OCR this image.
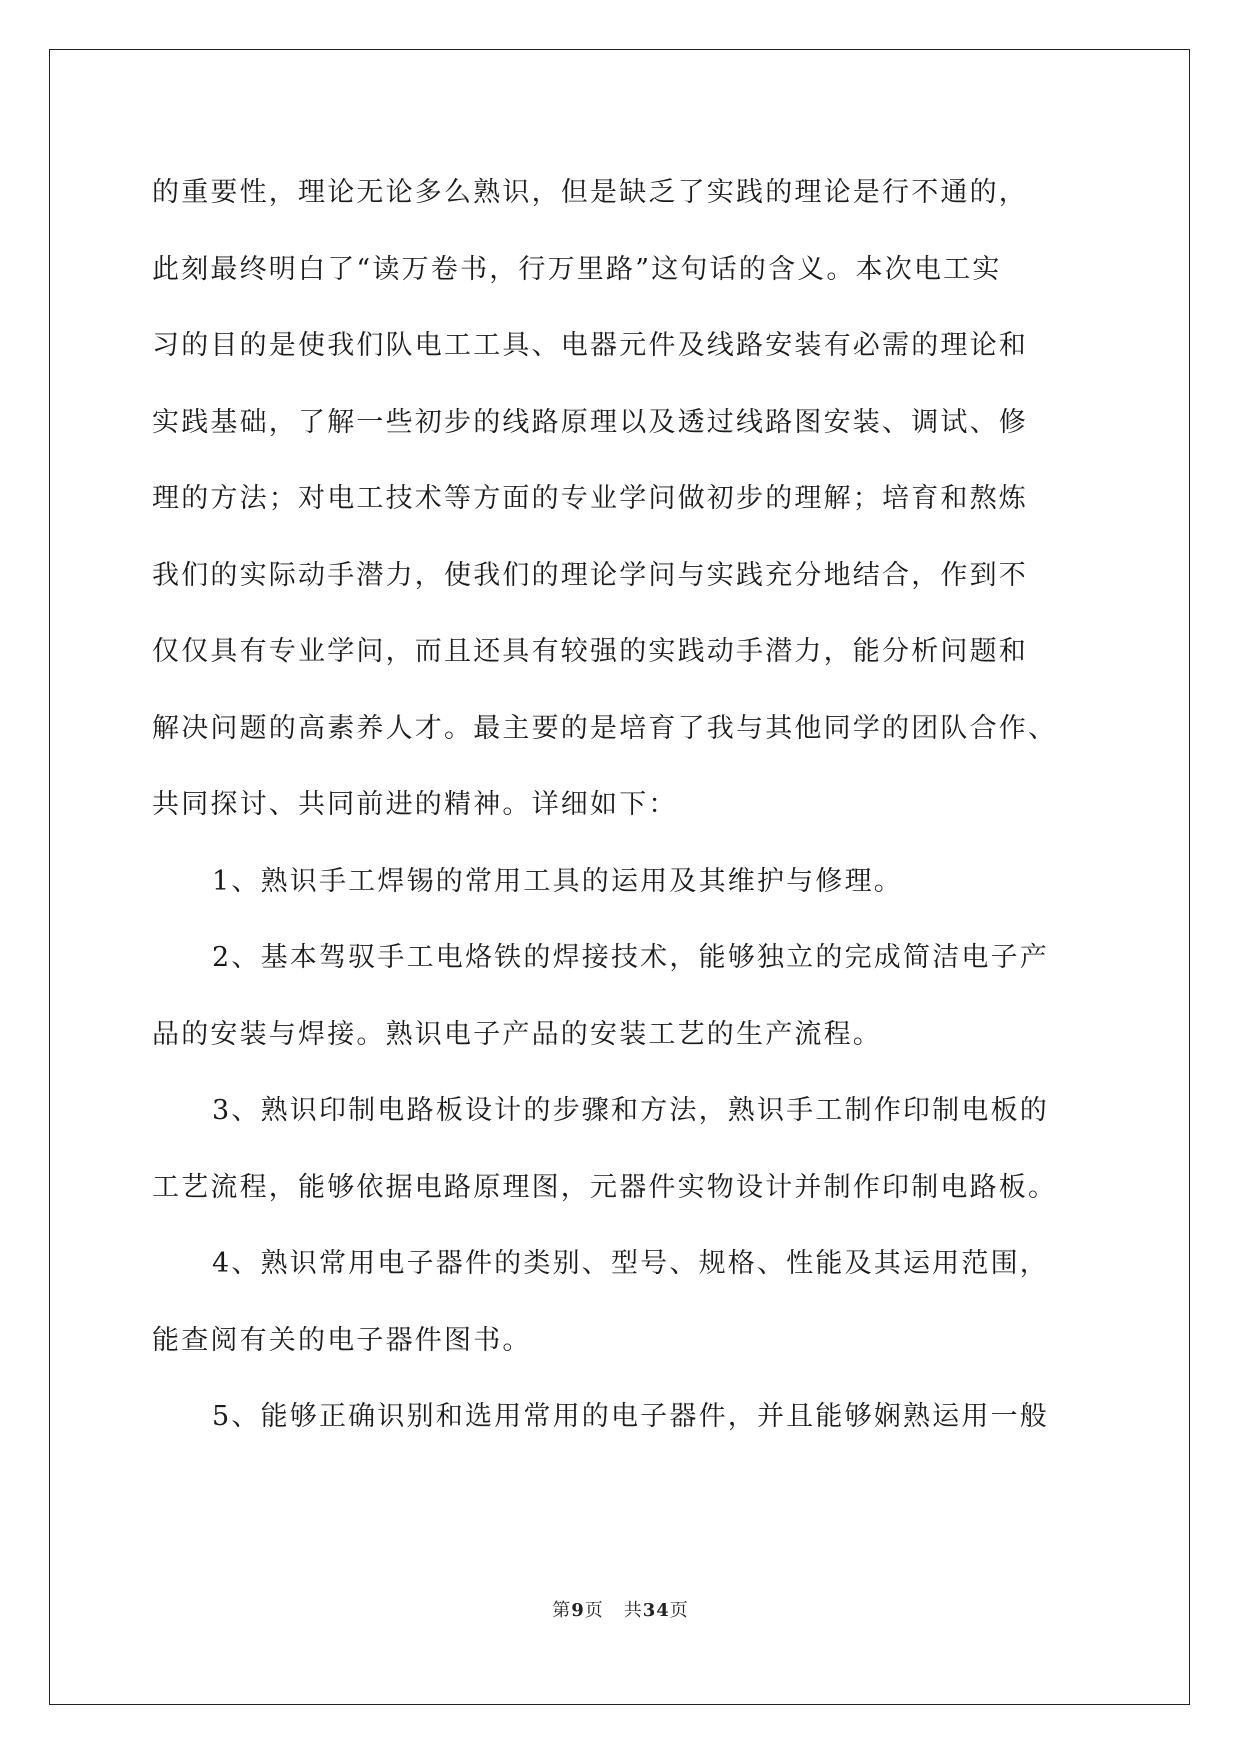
的重要性，理论无论多么熟识，但是缺乏了实践的理论是行不通的，
此刻最终明白了“读万卷书，行万里路”这句话的含义。本次电工实
习的目的是使我们队电工工具、电器元件及线路安装有必需的理论和
实践基础，了解一些初步的线路原理以及透过线路图安装、调试、修
理的方法；对电工技术等方面的专业学问做初步的理解；培育和熬炼
我们的实际动手潜力，使我们的理论学问与实践充分地结合，作到不
仅仅具有专业学问，而且还具有较强的实践动手潜力，能分析问题和
解决问题的高素养人才。最主要的是培育了我与其他同学的团队合作、
共同探讨、共同前进的精神。详细如下：
1、熟识手工焊锡的常用工具的运用及其维护与修理。
2、基本驾驭手工电烙铁的焊接技术，能够独立的完成简洁电子产
品的安装与焊接。熟识电子产品的安装工艺的生产流程。
3、熟识印制电路板设计的步骤和方法，熟识手工制作印制电板的
工艺流程，能够依据电路原理图，元器件实物设计并制作印制电路板。
4、熟识常用电子器件的类别、型号、规格、性能及其运用范围，
能查阅有关的电子器件图书。
5、能够正确识别和选用常用的电子器件，并且能够娴熟运用一般
第9页 共34页
